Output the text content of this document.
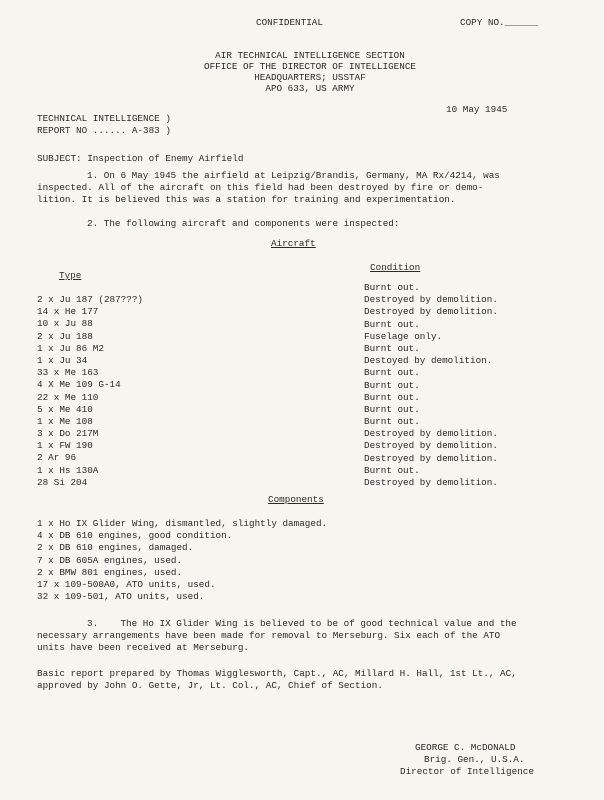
CONFIDENTIAL	COPY NO.______
AIR TECHNICAL INTELLIGENCE SECTION
OFFICE OF THE DIRECTOR OF INTELLIGENCE
HEADQUARTERS; USSTAF
APO 633, US ARMY
TECHNICAL INTELLIGENCE )
REPORT NO ...... A-383 )
10 May 1945
SUBJECT: Inspection of Enemy Airfield
1. On 6 May 1945 the airfield at Leipzig/Brandis, Germany, MA Rx/4214, was
inspected. All of the aircraft on this field had been destroyed by fire or demo-
lition. It is believed this was a station for training and experimentation.
2. The following aircraft and components were inspected:
Aircraft
Condition
Type
2 x Ju 187 (287???)
14 x He 177
10 x Ju 88
2 x Ju 188
1 x Ju 86 M2
1 x Ju 34
33 x Me 163
4 X Me 109 G-14
22 x Me 110
5 x Me 410
1 x Me 108
3 x Do 217M
1 x FW 190
2 Ar 96
1 x Hs 130A
28 Si 204
Burnt out.
Destroyed by demolition.
Destroyed by demolition.
Burnt out.
Fuselage only.
Burnt out.
Destoyed by demolition.
Burnt out.
Burnt out.
Burnt out.
Burnt out.
Burnt out.
Destroyed by demolition.
Destroyed by demolition.
Destroyed by demolition.
Burnt out.
Destroyed by demolition.
Components
1 x Ho IX Glider Wing, dismantled, slightly damaged.
4 x DB 610 engines, good condition.
2 x DB 610 engines, damaged.
7 x DB 605A engines, used.
2 x BMW 801 engines, used.
17 x 109-500A0, ATO units, used.
32 x 109-501, ATO units, used.
3.    The Ho IX Glider Wing is believed to be of good technical value and the
necessary arrangements have been made for removal to Merseburg. Six each of the ATO
units have been received at Merseburg.
Basic report prepared by Thomas Wigglesworth, Capt., AC, Millard H. Hall, 1st Lt., AC,
approved by John O. Gette, Jr, Lt. Col., AC, Chief of Section.
GEORGE C. McDONALD
Brig. Gen., U.S.A.
Director of Intelligence
